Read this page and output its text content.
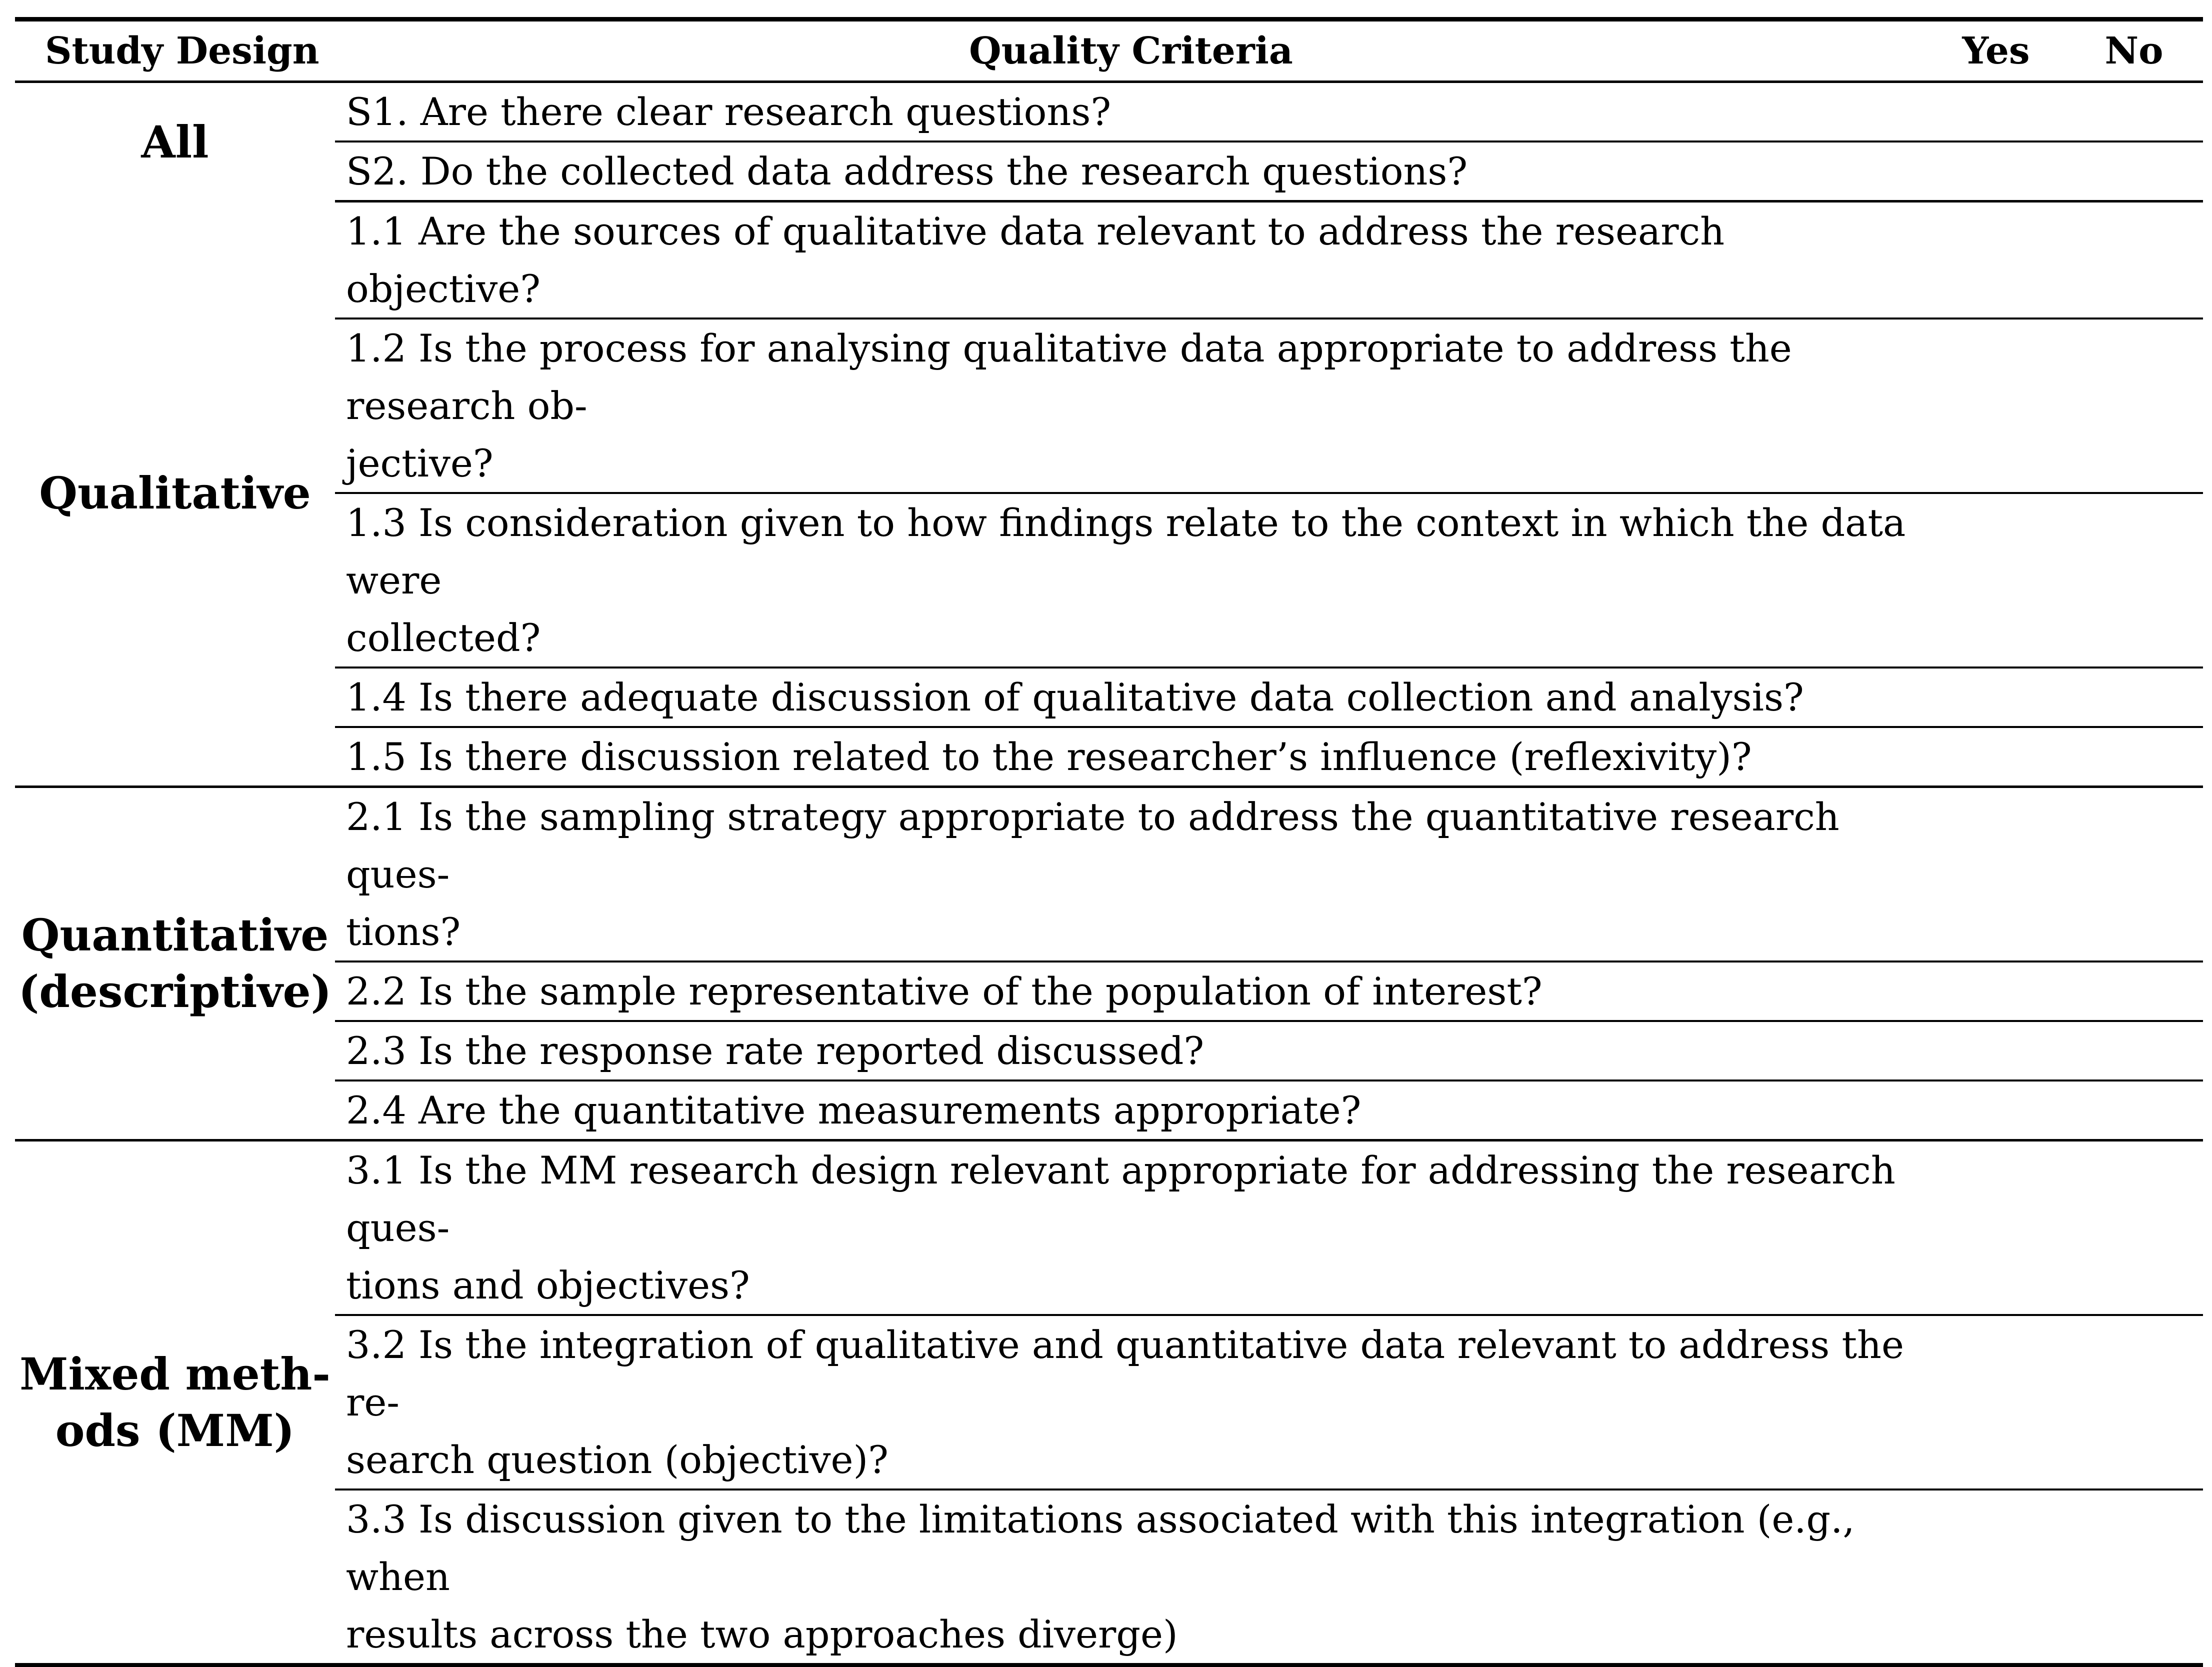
Study Design	Quality Criteria	Yes	No
All	S1. Are there clear research questions?		

	S2. Do the collected data address the research questions?		

Qualitative	1.1 Are the sources of qualitative data relevant to address the research objective?		

	1.2 Is the process for analysing qualitative data appropriate to address the research ob-
jective?		

	1.3 Is consideration given to how findings relate to the context in which the data were
collected?		

	1.4 Is there adequate discussion of qualitative data collection and analysis?		

	1.5 Is there discussion related to the researcher’s influence (reflexivity)?		

Quantitative
(descriptive)	2.1 Is the sampling strategy appropriate to address the quantitative research ques-
tions?		

	2.2 Is the sample representative of the population of interest?		

	2.3 Is the response rate reported discussed?		

	2.4 Are the quantitative measurements appropriate?		

Mixed meth-
ods (MM)	3.1 Is the MM research design relevant appropriate for addressing the research ques-
tions and objectives?		

	3.2 Is the integration of qualitative and quantitative data relevant to address the re-
search question (objective)?		

	3.3 Is discussion given to the limitations associated with this integration (e.g., when
results across the two approaches diverge)		
